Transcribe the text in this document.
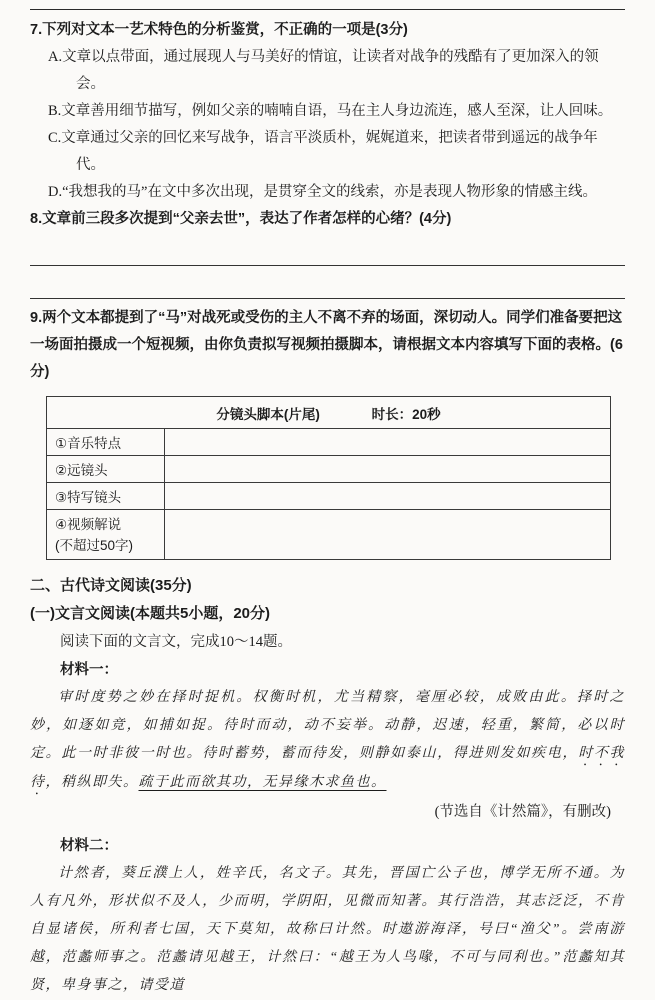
7.下列对文本一艺术特色的分析鉴赏，不正确的一项是(3分)

A.文章以点带面，通过展现人与马美好的情谊，让读者对战争的残酷有了更加深入的领会。

B.文章善用细节描写，例如父亲的喃喃自语，马在主人身边流连，感人至深，让人回味。

C.文章通过父亲的回忆来写战争，语言平淡质朴，娓娓道来，把读者带到遥远的战争年代。

D.“我想我的马”在文中多次出现，是贯穿全文的线索，亦是表现人物形象的情感主线。

8.文章前三段多次提到“父亲去世”，表达了作者怎样的心绪？(4分)

9.两个文本都提到了“马”对战死或受伤的主人不离不弃的场面，深切动人。同学们准备要把这一场面拍摄成一个短视频，由你负责拟写视频拍摄脚本，请根据文本内容填写下面的表格。(6分)

分镜头脚本(片尾) 时长：20秒	
①音乐特点	
②远镜头	
③特写镜头	

④视频解说
(不超过50字)	

二、古代诗文阅读(35分)

(一)文言文阅读(本题共5小题，20分)

阅读下面的文言文，完成10～14题。

材料一：

审时度势之妙在择时捉机。权衡时机，尤当精察，毫厘必较，成败由此。择时之妙，如逐如竞，如捕如捉。待时而动，动不妄举。动静，迟速，轻重，繁简，必以时定。此一时非彼一时也。待时蓄势，蓄而待发，则静如泰山，得进则发如疾电，时不我待，稍纵即失。疏于此而欲其功，无异缘木求鱼也。

(节选自《计然篇》，有删改)

材料二：

计然者，葵丘濮上人，姓辛氏，名文子。其先，晋国亡公子也，博学无所不通。为人有凡外，形状似不及人，少而明，学阴阳，见微而知著。其行浩浩，其志泛泛，不肯自显诸侯，所利者七国，天下莫知，故称曰计然。时遨游海泽，号曰“渔父”。尝南游越，范蠡师事之。范蠡请见越王，计然曰：“越王为人鸟喙，不可与同利也。”范蠡知其贤，卑身事之，请受道
